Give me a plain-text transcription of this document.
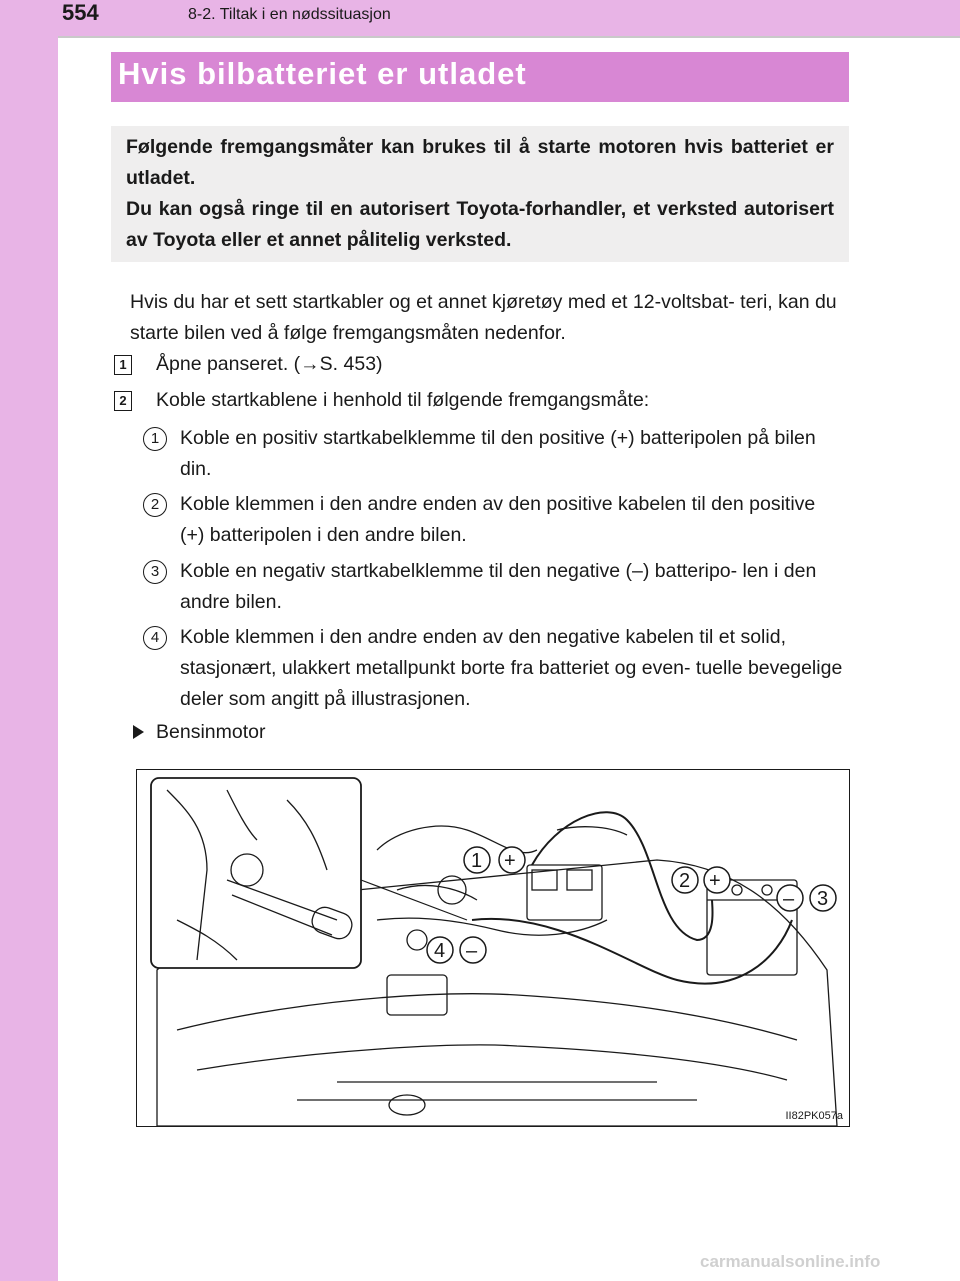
554	8-2. Tiltak i en nødssituasjon
Hvis bilbatteriet er utladet

Følgende fremgangsmåter kan brukes til å starte motoren hvis batteriet er utladet.

Du kan også ringe til en autorisert Toyota-forhandler, et verksted autorisert av Toyota eller et annet pålitelig verksted.

Hvis du har et sett startkabler og et annet kjøretøy med et 12-voltsbat- teri, kan du starte bilen ved å følge fremgangsmåten nedenfor.
1 Åpne panseret. (→S. 453)
2 Koble startkablene i henhold til følgende fremgangsmåte:
1	Koble en positiv startkabelklemme til den positive (+) batteripolen på bilen din.
2	Koble klemmen i den andre enden av den positive kabelen til den positive (+) batteripolen i den andre bilen.
3	Koble en negativ startkabelklemme til den negative (–) batteripo- len i den andre bilen.
4	Koble klemmen i den andre enden av den negative kabelen til et solid, stasjonært, ulakkert metallpunkt borte fra batteriet og even- tuelle bevegelige deler som angitt på illustrasjonen.
Bensinmotor
1 +
2 +
– 3
4 –
II82PK057a
carmanualsonline.info
